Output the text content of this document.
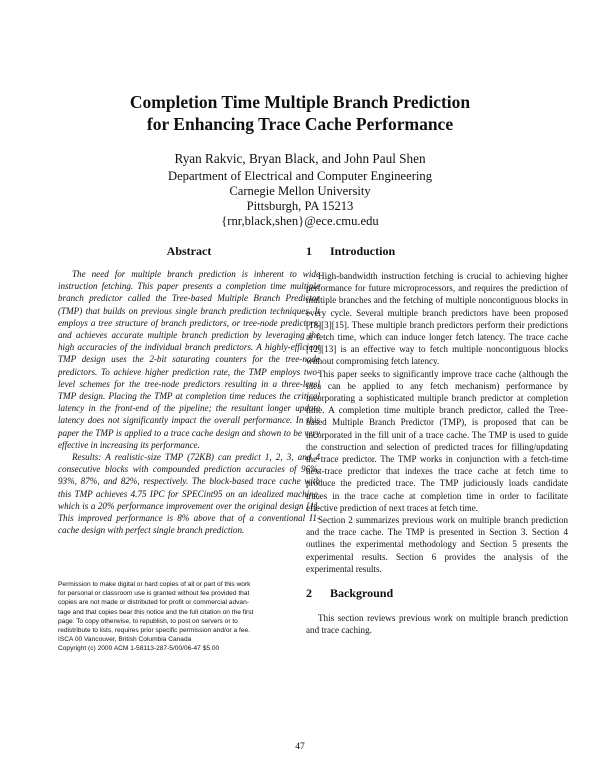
Completion Time Multiple Branch Prediction
for Enhancing Trace Cache Performance
Ryan Rakvic, Bryan Black, and John Paul Shen
Department of Electrical and Computer Engineering
Carnegie Mellon University
Pittsburgh, PA 15213
{rnr,black,shen}@ece.cmu.edu
Abstract

The need for multiple branch prediction is inherent to wide instruction fetching. This paper presents a completion time multiple branch predictor called the Tree-based Multiple Branch Predictor (TMP) that builds on previous single branch prediction techniques. It employs a tree structure of branch predictors, or tree-node predictors, and achieves accurate multiple branch prediction by leveraging the high accuracies of the individual branch predictors. A highly-efficient TMP design uses the 2-bit saturating counters for the tree-node predictors. To achieve higher prediction rate, the TMP employs two-level schemes for the tree-node predictors resulting in a three-level TMP design. Placing the TMP at completion time reduces the critical latency in the front-end of the pipeline; the resultant longer update latency does not significantly impact the overall performance. In this paper the TMP is applied to a trace cache design and shown to be very effective in increasing its performance.

Results: A realistic-size TMP (72KB) can predict 1, 2, 3, and 4 consecutive blocks with compounded prediction accuracies of 96%, 93%, 87%, and 82%, respectively. The block-based trace cache with this TMP achieves 4.75 IPC for SPECint95 on an idealized machine, which is a 20% performance improvement over the original design [1]. This improved performance is 8% above that of a conventional I1-cache design with perfect single branch prediction.

Permission to make digital or hard copies of all or part of this work
for personal or classroom use is granted without fee provided that
copies are not made or distributed for profit or commercial advan-
tage and that copies bear this notice and the full citation on the first
page. To copy otherwise, to republish, to post on servers or to
redistribute to lists, requires prior specific permission and/or a fee.
ISCA 00 Vancouver, British Columbia Canada
Copyright (c) 2000 ACM 1-58113-287-5/00/06-47 $5.00
1 Introduction

High-bandwidth instruction fetching is crucial to achieving higher performance for future microprocessors, and requires the prediction of multiple branches and the fetching of multiple noncontiguous blocks in every cycle. Several multiple branch predictors have been proposed [18][3][15]. These multiple branch predictors perform their predictions at fetch time, which can induce longer fetch latency. The trace cache [12][13] is an effective way to fetch multiple noncontiguous blocks without compromising fetch latency.

This paper seeks to significantly improve trace cache (although the idea can be applied to any fetch mechanism) performance by incorporating a sophisticated multiple branch predictor at completion time. A completion time multiple branch predictor, called the Tree-based Multiple Branch Predictor (TMP), is proposed that can be incorporated in the fill unit of a trace cache. The TMP is used to guide the construction and selection of predicted traces for filling/updating the trace predictor. The TMP works in conjunction with a fetch-time next-trace predictor that indexes the trace cache at fetch time to produce the predicted trace. The TMP judiciously loads candidate traces in the trace cache at completion time in order to facilitate effective prediction of next traces at fetch time.

Section 2 summarizes previous work on multiple branch prediction and the trace cache. The TMP is presented in Section 3. Section 4 outlines the experimental methodology and Section 5 presents the experimental results. Section 6 provides the analysis of the experimental results.

2 Background

This section reviews previous work on multiple branch prediction and trace caching.

47
